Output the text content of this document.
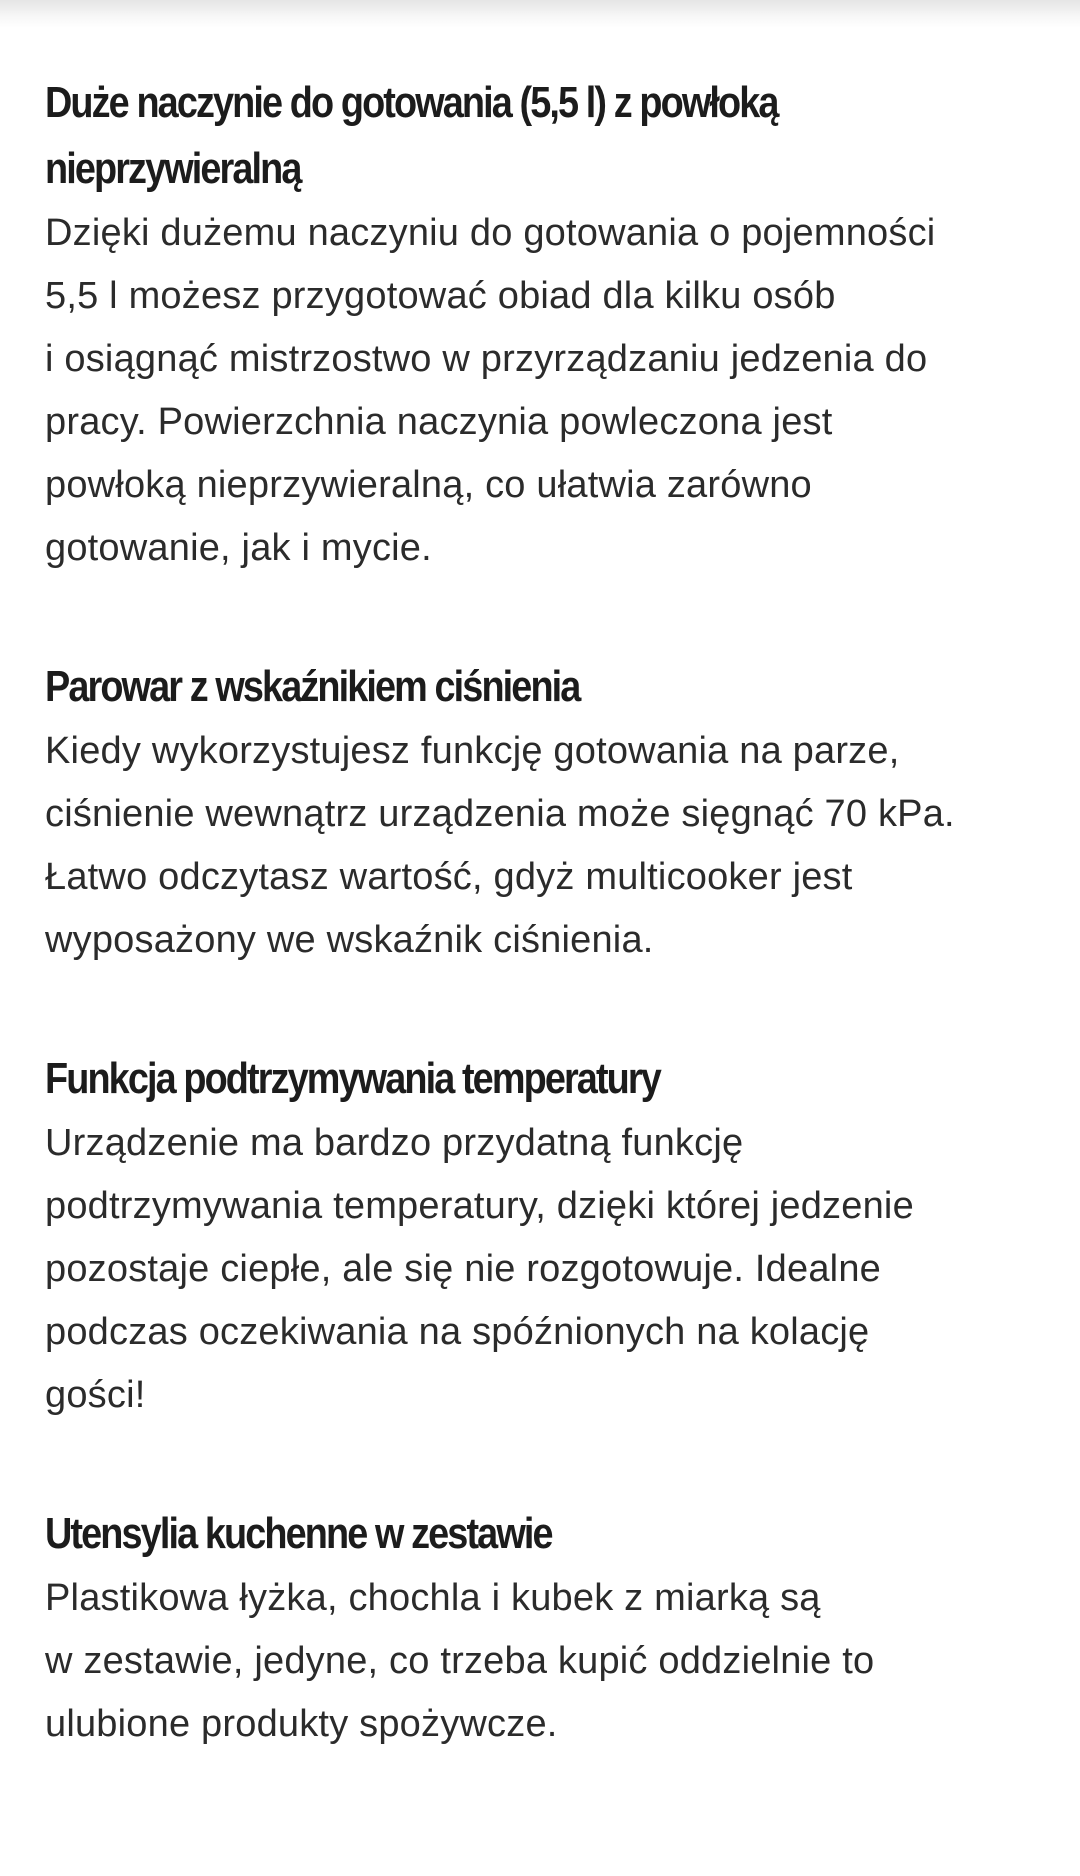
Duże naczynie do gotowania (5,5 l) z powłoką
nieprzywieralną

Dzięki dużemu naczyniu do gotowania o pojemności
5,5 l możesz przygotować obiad dla kilku osób
i osiągnąć mistrzostwo w przyrządzaniu jedzenia do
pracy. Powierzchnia naczynia powleczona jest
powłoką nieprzywieralną, co ułatwia zarówno
gotowanie, jak i mycie.

Parowar z wskaźnikiem ciśnienia

Kiedy wykorzystujesz funkcję gotowania na parze,
ciśnienie wewnątrz urządzenia może sięgnąć 70 kPa.
Łatwo odczytasz wartość, gdyż multicooker jest
wyposażony we wskaźnik ciśnienia.

Funkcja podtrzymywania temperatury

Urządzenie ma bardzo przydatną funkcję
podtrzymywania temperatury, dzięki której jedzenie
pozostaje ciepłe, ale się nie rozgotowuje. Idealne
podczas oczekiwania na spóźnionych na kolację
gości!

Utensylia kuchenne w zestawie

Plastikowa łyżka, chochla i kubek z miarką są
w zestawie, jedyne, co trzeba kupić oddzielnie to
ulubione produkty spożywcze.
